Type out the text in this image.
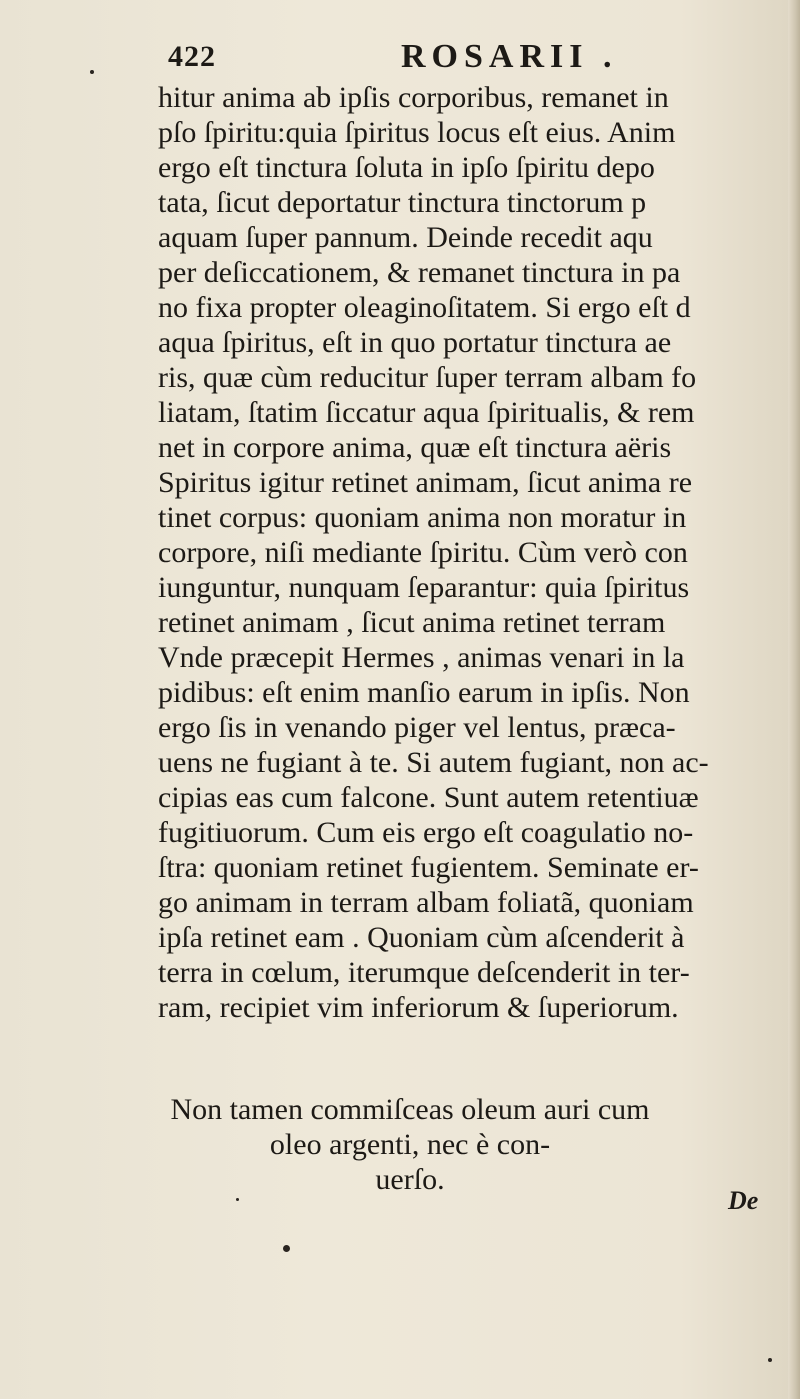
422	ROSARII .
hitur anima ab ipſis corporibus, remanet in
pſo ſpiritu:quia ſpiritus locus eſt eius. Anim
ergo eſt tinctura ſoluta in ipſo ſpiritu depo
tata, ſicut deportatur tinctura tinctorum p
aquam ſuper pannum. Deinde recedit aqu
per deſiccationem, & remanet tinctura in pa
no fixa propter oleaginoſitatem. Si ergo eſt d
aqua ſpiritus, eſt in quo portatur tinctura ae
ris, quæ cùm reducitur ſuper terram albam fo
liatam, ſtatim ſiccatur aqua ſpiritualis, & rem
net in corpore anima, quæ eſt tinctura aëris
Spiritus igitur retinet animam, ſicut anima re
tinet corpus: quoniam anima non moratur in
corpore, niſi mediante ſpiritu. Cùm verò con
iunguntur, nunquam ſeparantur: quia ſpiritus
retinet animam , ſicut anima retinet terram
Vnde præcepit Hermes , animas venari in la
pidibus: eſt enim manſio earum in ipſis. Non
ergo ſis in venando piger vel lentus, præca-
uens ne fugiant à te. Si autem fugiant, non ac-
cipias eas cum falcone. Sunt autem retentiuæ
fugitiuorum. Cum eis ergo eſt coagulatio no-
ſtra: quoniam retinet fugientem. Seminate er-
go animam in terram albam foliatã, quoniam
ipſa retinet eam . Quoniam cùm aſcenderit à
terra in cœlum, iterumque deſcenderit in ter-
ram, recipiet vim inferiorum & ſuperiorum.
Non tamen commiſceas oleum auri cum
oleo argenti, nec è con-
uerſo.
De
